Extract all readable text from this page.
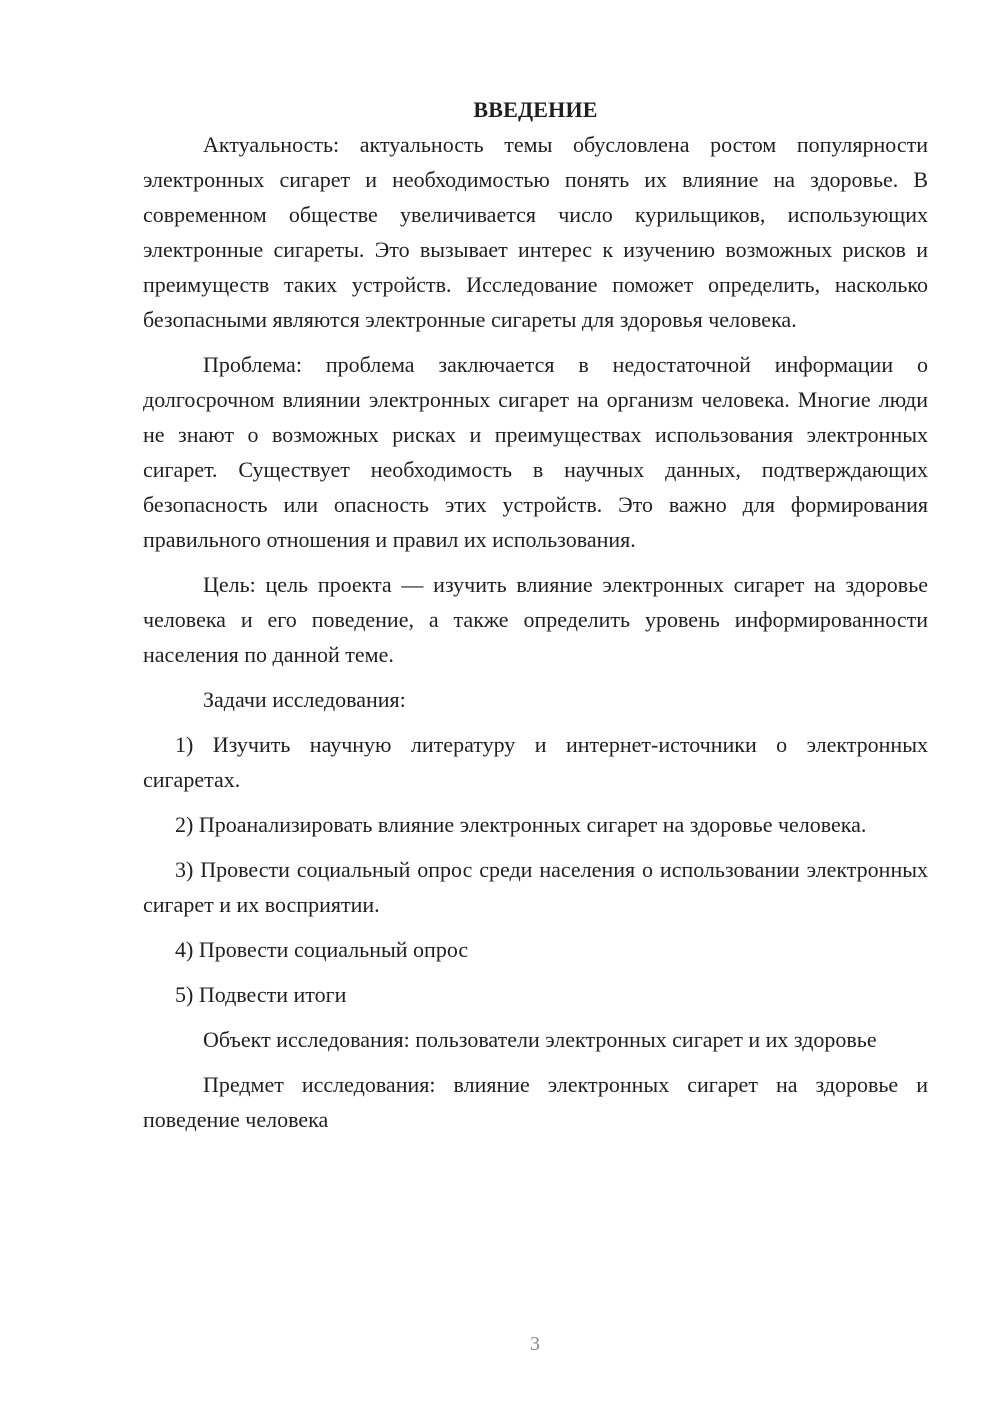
ВВЕДЕНИЕ

Актуальность: актуальность темы обусловлена ростом популярности электронных сигарет и необходимостью понять их влияние на здоровье. В современном обществе увеличивается число курильщиков, использующих электронные сигареты. Это вызывает интерес к изучению возможных рисков и преимуществ таких устройств. Исследование поможет определить, насколько безопасными являются электронные сигареты для здоровья человека.

Проблема: проблема заключается в недостаточной информации о долгосрочном влиянии электронных сигарет на организм человека. Многие люди не знают о возможных рисках и преимуществах использования электронных сигарет. Существует необходимость в научных данных, подтверждающих безопасность или опасность этих устройств. Это важно для формирования правильного отношения и правил их использования.

Цель: цель проекта — изучить влияние электронных сигарет на здоровье человека и его поведение, а также определить уровень информированности населения по данной теме.

Задачи исследования:

1) Изучить научную литературу и интернет-источники о электронных сигаретах.

2) Проанализировать влияние электронных сигарет на здоровье человека.

3) Провести социальный опрос среди населения о использовании электронных сигарет и их восприятии.

4) Провести социальный опрос

5) Подвести итоги

Объект исследования: пользователи электронных сигарет и их здоровье

Предмет исследования: влияние электронных сигарет на здоровье и поведение человека

3
